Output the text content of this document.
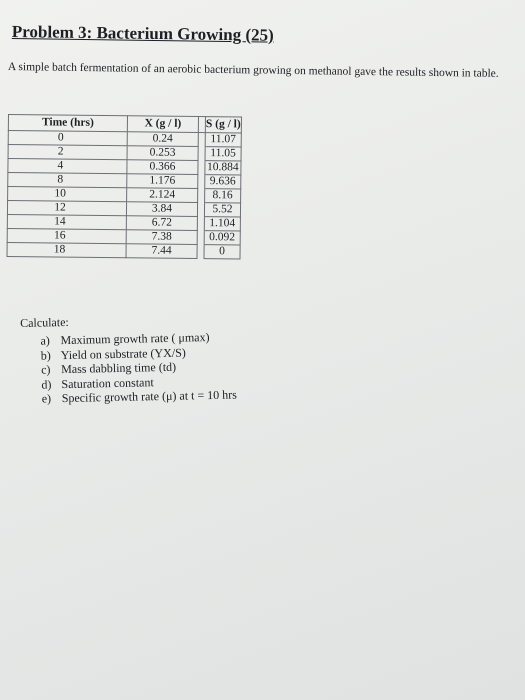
Problem 3: Bacterium Growing (25)
A simple batch fermentation of an aerobic bacterium growing on methanol gave the results shown in table.
Time (hrs)	X (g / l)		S (g / l)
0	0.24		11.07
2	0.253		11.05
4	0.366		10.884
8	1.176		9.636
10	2.124		8.16
12	3.84		5.52
14	6.72		1.104
16	7.38		0.092
18	7.44		0
Calculate:
a) Maximum growth rate ( μmax)
b) Yield on substrate (YX/S)
c) Mass dabbling time (td)
d) Saturation constant
e) Specific growth rate (μ) at t = 10 hrs
